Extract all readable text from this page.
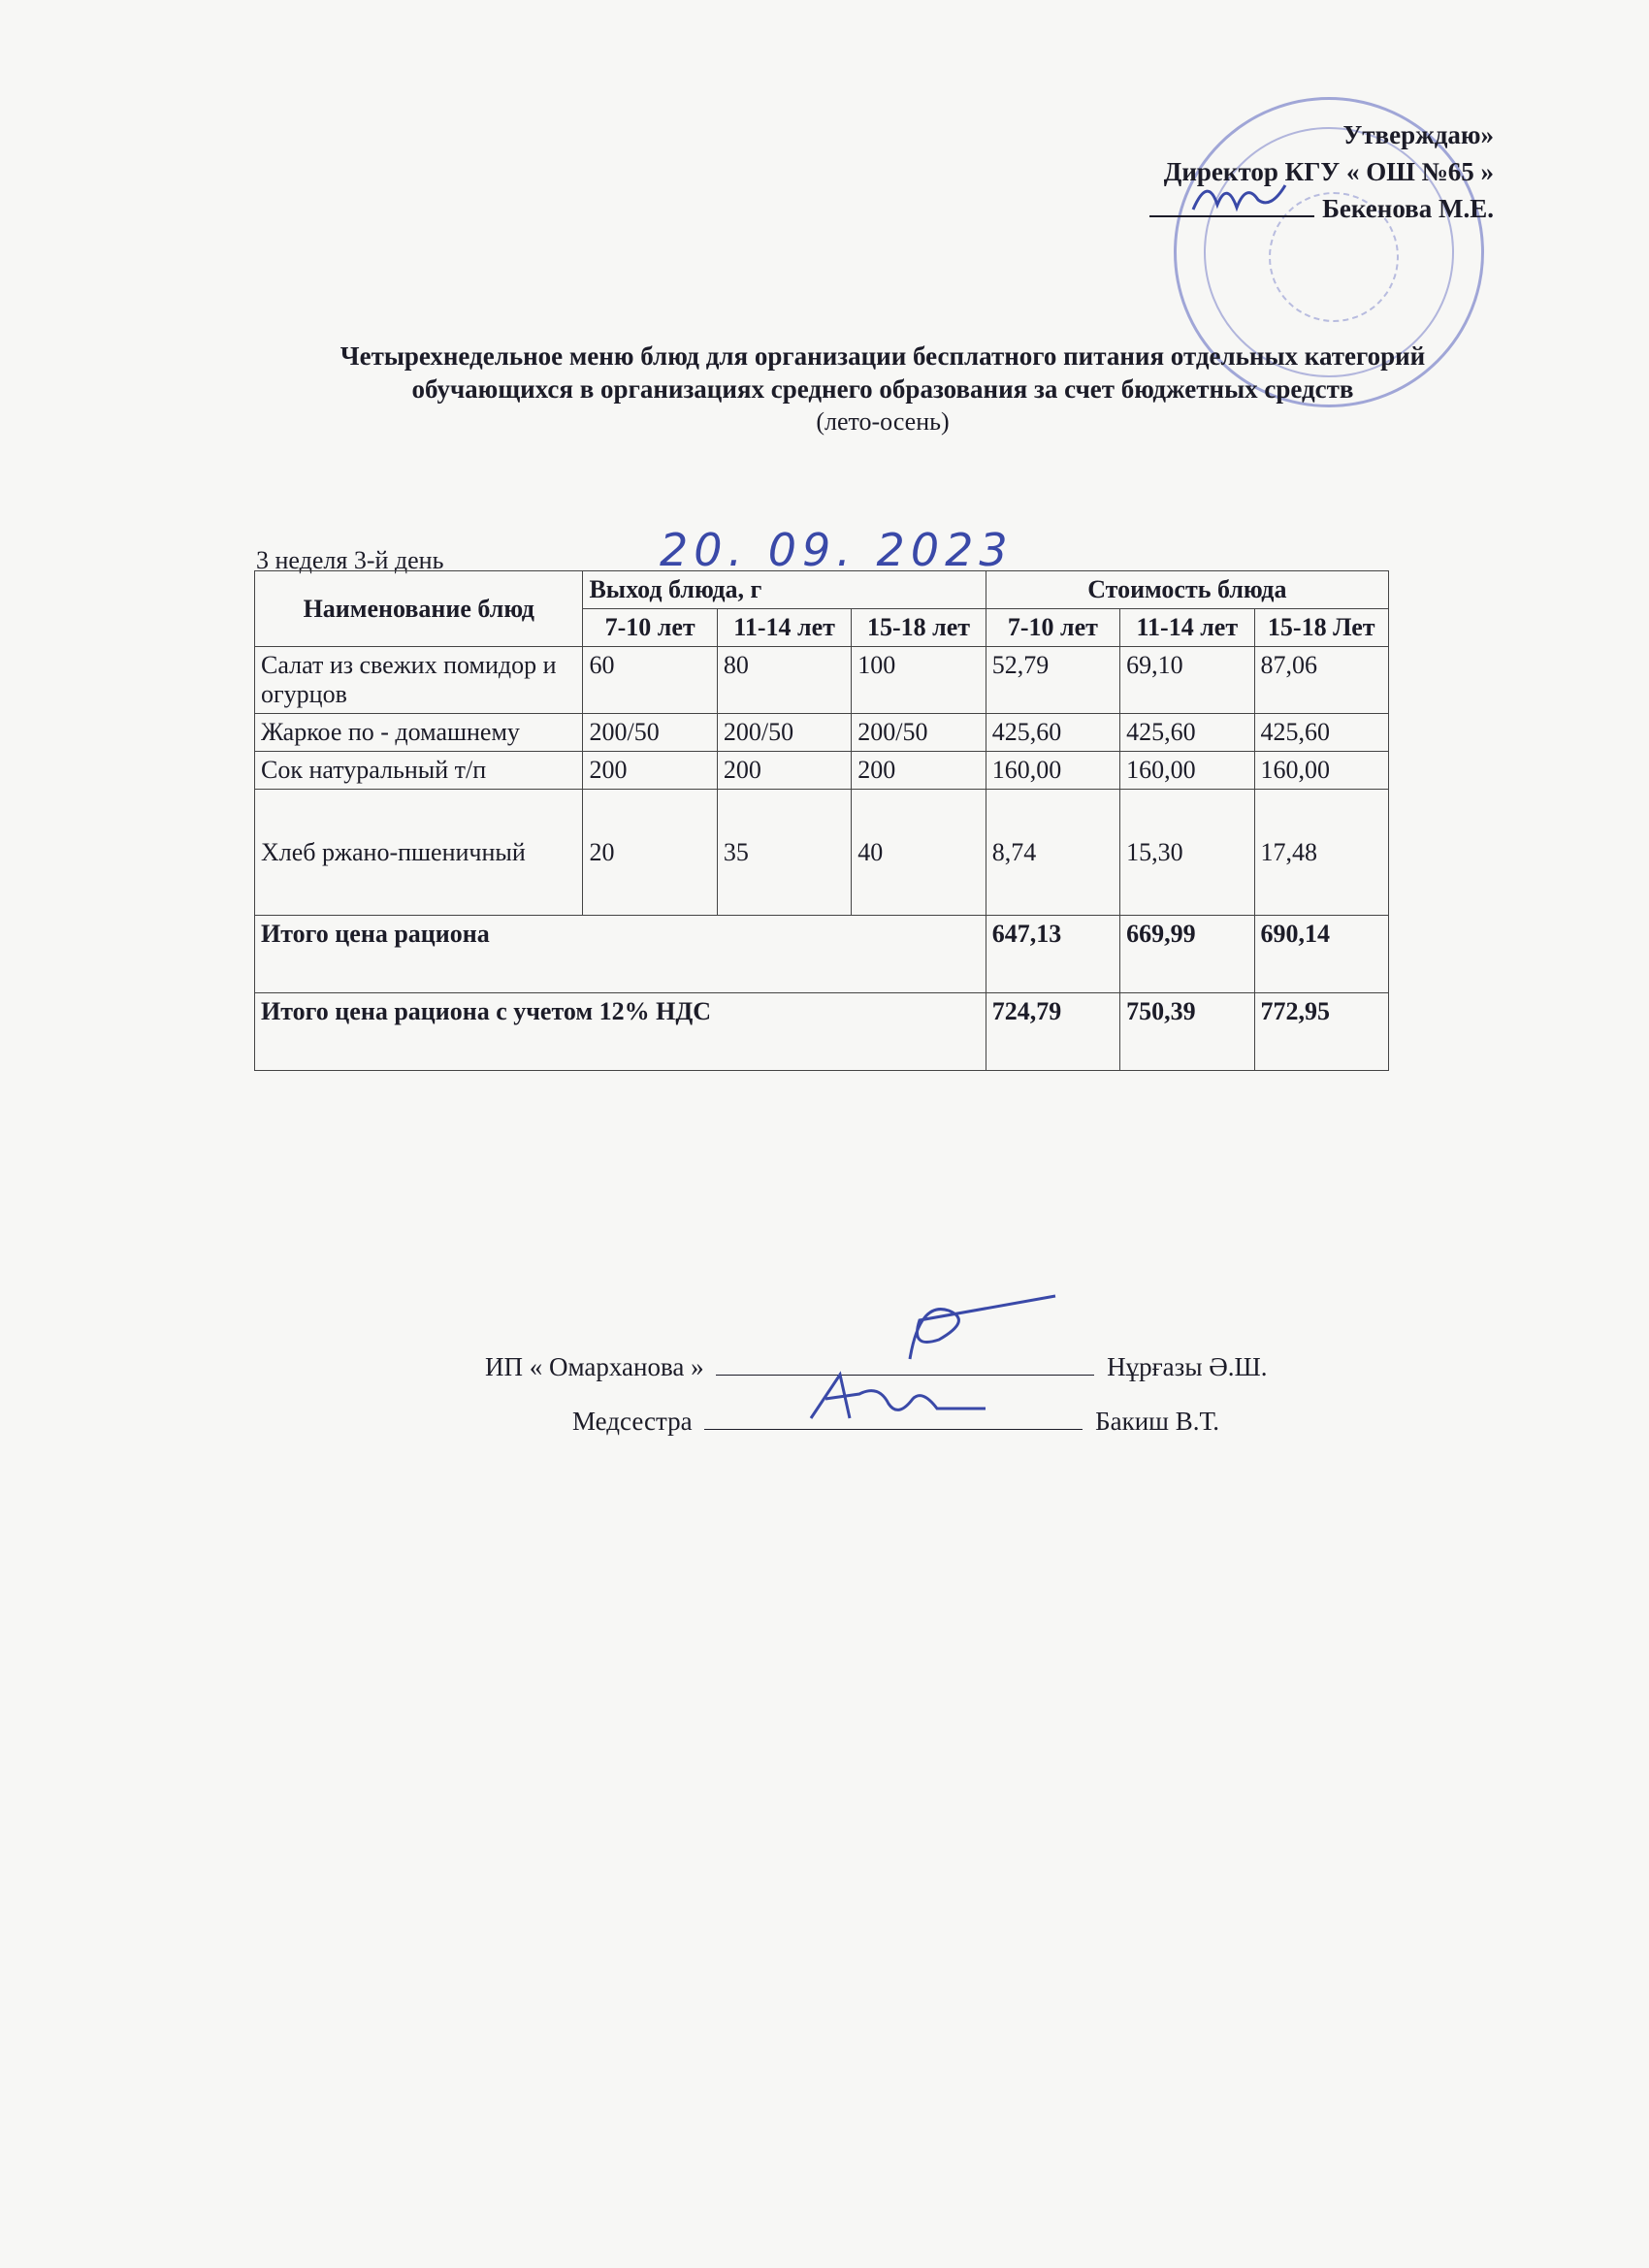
Утверждаю»
Директор КГУ « ОШ №65 »
Бекенова М.Е.
Четырехнедельное меню блюд для организации бесплатного питания отдельных категорий обучающихся в организациях среднего образования за счет бюджетных средств
(лето-осень)
3 неделя 3-й день	20. 09. 2023
Наименование блюд	Выход блюда, г			Стоимость блюда		
	7-10 лет	11-14 лет	15-18 лет	7-10 лет	11-14 лет	15-18 Лет
Салат из свежих помидор и огурцов	60	80	100	52,79	69,10	87,06
Жаркое по - домашнему	200/50	200/50	200/50	425,60	425,60	425,60
Сок натуральный т/п	200	200	200	160,00	160,00	160,00
Хлеб ржано-пшеничный	20	35	40	8,74	15,30	17,48
Итого цена рациона				647,13	669,99	690,14
Итого цена рациона с учетом 12% НДС				724,79	750,39	772,95
ИП « Омарханова »	Нұрғазы Ә.Ш.
Медсестра	Бакиш В.Т.
